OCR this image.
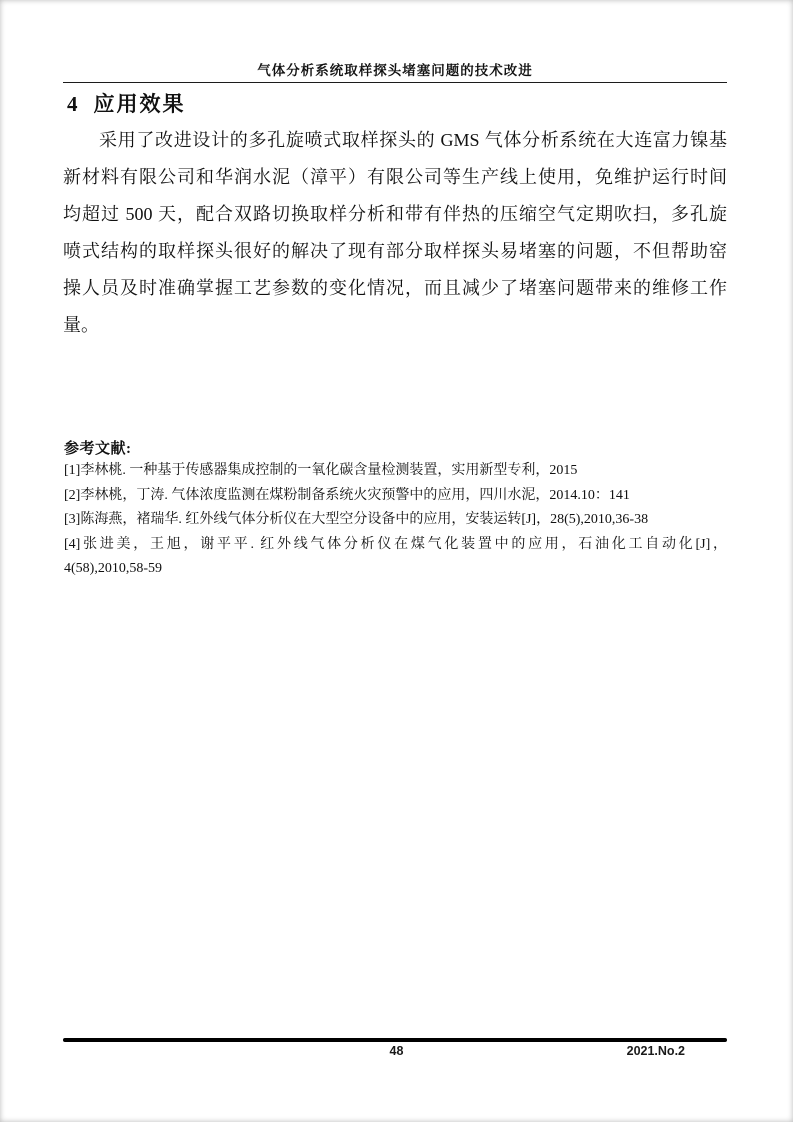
气体分析系统取样探头堵塞问题的技术改进
4 应用效果
采用了改进设计的多孔旋喷式取样探头的 GMS 气体分析系统在大连富力镍基
新材料有限公司和华润水泥（漳平）有限公司等生产线上使用，免维护运行时间
均超过 500 天，配合双路切换取样分析和带有伴热的压缩空气定期吹扫，多孔旋
喷式结构的取样探头很好的解决了现有部分取样探头易堵塞的问题，不但帮助窑
操人员及时准确掌握工艺参数的变化情况，而且减少了堵塞问题带来的维修工作
量。
参考文献:
[1]李林桃. 一种基于传感器集成控制的一氧化碳含量检测装置，实用新型专利，2015
[2]李林桃，丁涛. 气体浓度监测在煤粉制备系统火灾预警中的应用，四川水泥，2014.10：141
[3]陈海燕，褚瑞华. 红外线气体分析仪在大型空分设备中的应用，安装运转[J]，28(5),2010,36-38
[4]张进美，王旭，谢平平. 红外线气体分析仪在煤气化装置中的应用，石油化工自动化[J]，
4(58),2010,58-59
48	2021.No.2
